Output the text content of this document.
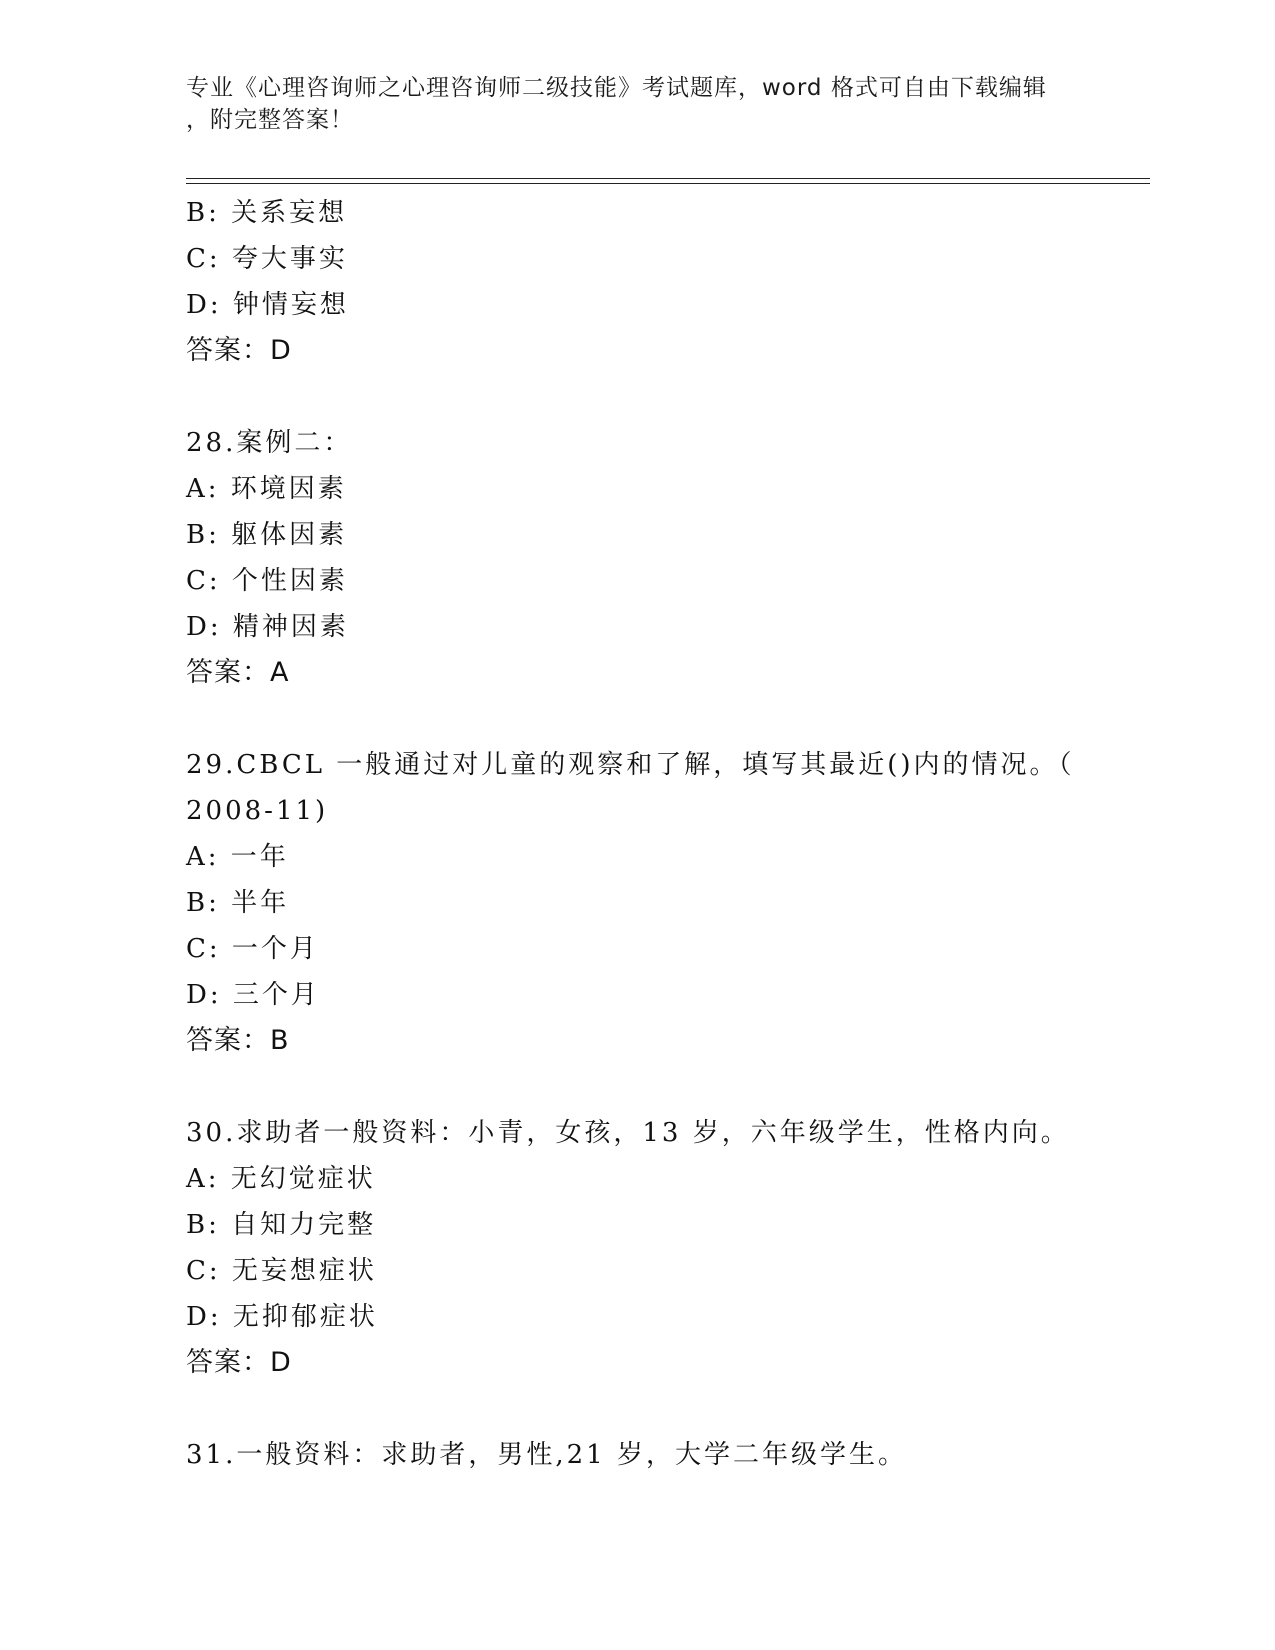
专业《心理咨询师之心理咨询师二级技能》考试题库，word 格式可自由下载编辑
，附完整答案！
B: 关系妄想
C: 夸大事实
D: 钟情妄想
答案：D
28.案例二：
A: 环境因素
B: 躯体因素
C: 个性因素
D: 精神因素
答案：A
29.CBCL 一般通过对儿童的观察和了解，填写其最近()内的情况。（
2008-11)
A: 一年
B: 半年
C: 一个月
D: 三个月
答案：B
30.求助者一般资料：小青，女孩，13 岁，六年级学生，性格内向。
A: 无幻觉症状
B: 自知力完整
C: 无妄想症状
D: 无抑郁症状
答案：D
31.一般资料：求助者，男性,21 岁，大学二年级学生。
